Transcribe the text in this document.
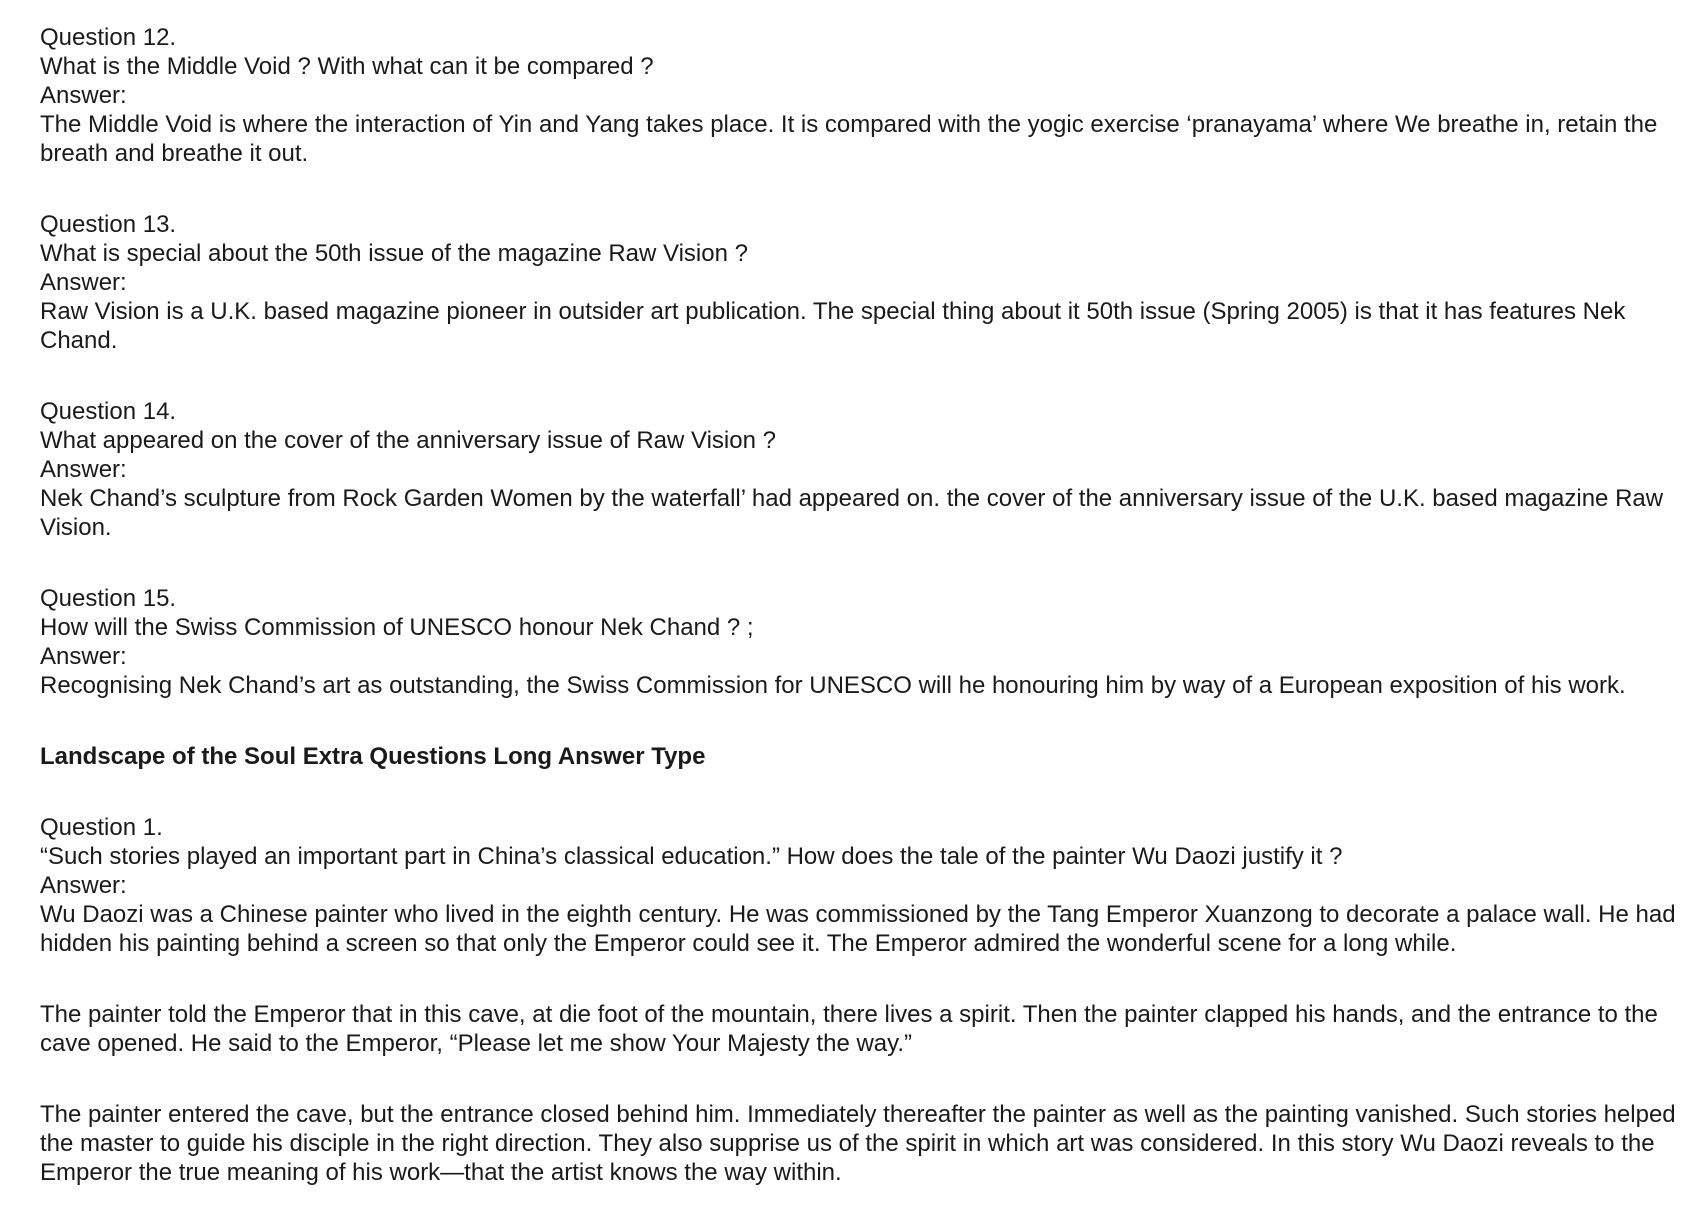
Question 12.
What is the Middle Void ? With what can it be compared ?
Answer:
The Middle Void is where the interaction of Yin and Yang takes place. It is compared with the yogic exercise ‘pranayama’ where We breathe in, retain the breath and breathe it out.
Question 13.
What is special about the 50th issue of the magazine Raw Vision ?
Answer:
Raw Vision is a U.K. based magazine pioneer in outsider art publication. The special thing about it 50th issue (Spring 2005) is that it has features Nek Chand.
Question 14.
What appeared on the cover of the anniversary issue of Raw Vision ?
Answer:
Nek Chand’s sculpture from Rock Garden Women by the waterfall’ had appeared on. the cover of the anniversary issue of the U.K. based magazine Raw Vision.
Question 15.
How will the Swiss Commission of UNESCO honour Nek Chand ? ;
Answer:
Recognising Nek Chand’s art as outstanding, the Swiss Commission for UNESCO will he honouring him by way of a European exposition of his work.
Landscape of the Soul Extra Questions Long Answer Type
Question 1.
“Such stories played an important part in China’s classical education.” How does the tale of the painter Wu Daozi justify it ?
Answer:
Wu Daozi was a Chinese painter who lived in the eighth century. He was commissioned by the Tang Emperor Xuanzong to decorate a palace wall. He had hidden his painting behind a screen so that only the Emperor could see it. The Emperor admired the wonderful scene for a long while.
The painter told the Emperor that in this cave, at die foot of the mountain, there lives a spirit. Then the painter clapped his hands, and the entrance to the cave opened. He said to the Emperor, “Please let me show Your Majesty the way.”
The painter entered the cave, but the entrance closed behind him. Immediately thereafter the painter as well as the painting vanished. Such stories helped the master to guide his disciple in the right direction. They also supprise us of the spirit in which art was considered. In this story Wu Daozi reveals to the Emperor the true meaning of his work—that the artist knows the way within.
